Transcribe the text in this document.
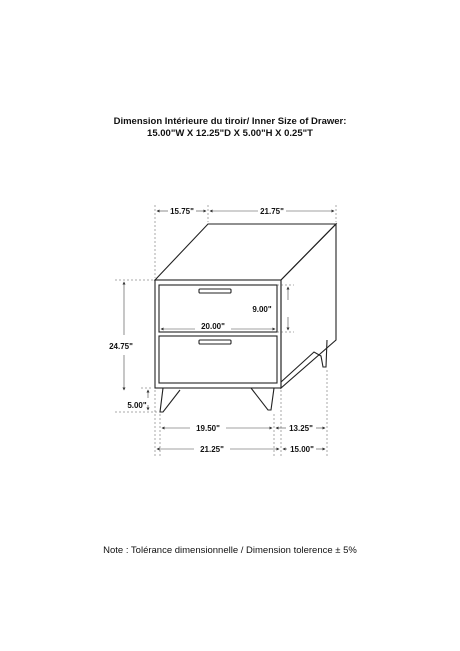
Dimension Intérieure du tiroir/ Inner Size of Drawer:
15.00"W X 12.25"D X 5.00"H X 0.25"T
15.75"	21.75"
9.00"
20.00"
24.75"
5.00"
19.50"	13.25"
21.25"	15.00"
Note : Tolérance dimensionnelle / Dimension tolerence ± 5%
